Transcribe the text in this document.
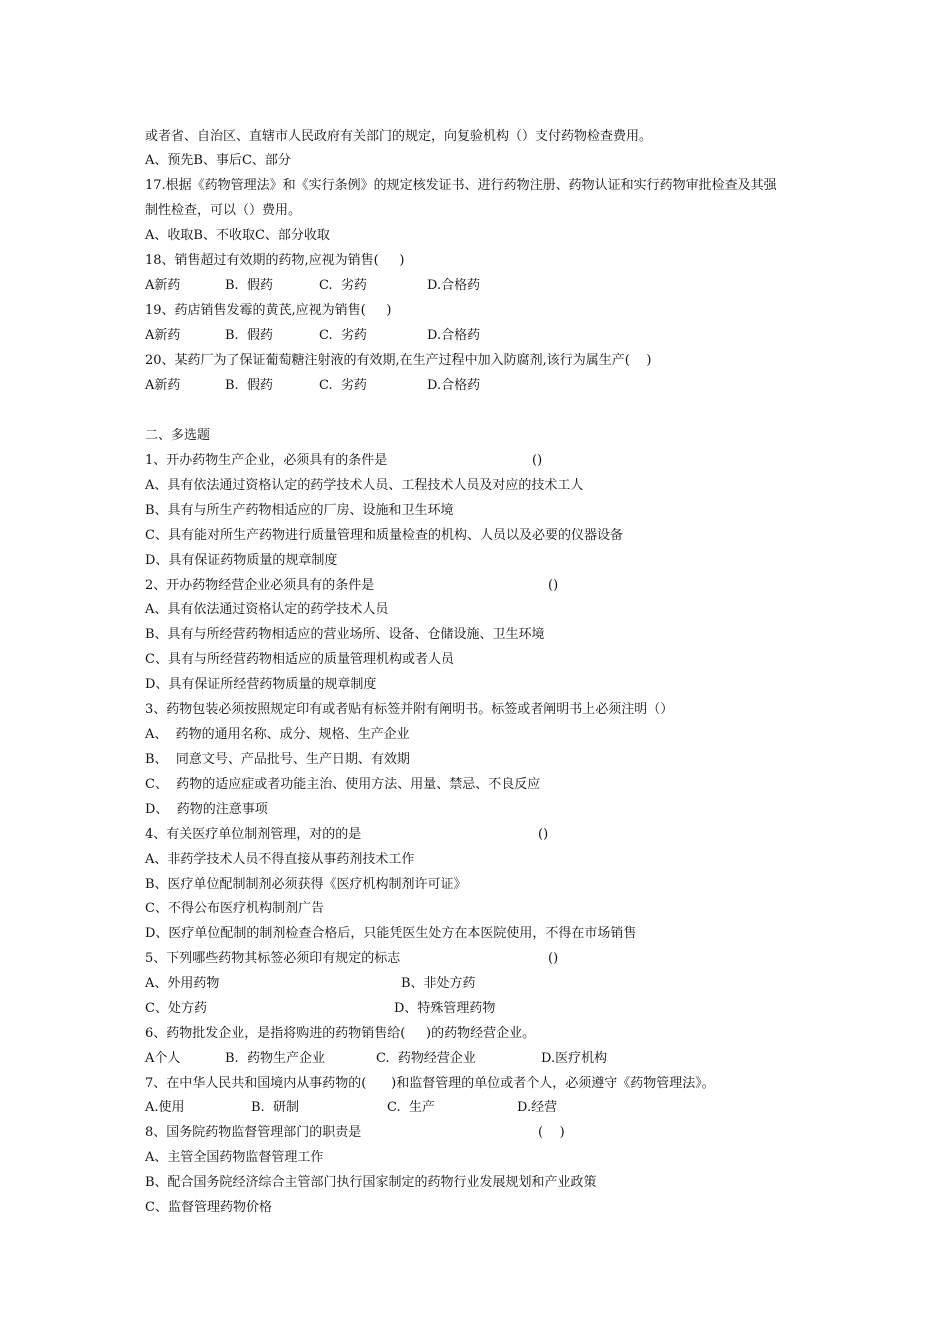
或者省、自治区、直辖市人民政府有关部门的规定，向复验机构（）支付药物检查费用。
A、预先B、事后C、部分
17.根据《药物管理法》和《实行条例》的规定核发证书、进行药物注册、药物认证和实行药物审批检查及其强
制性检查，可以（）费用。
A、收取B、不收取C、部分收取
18、销售超过有效期的药物,应视为销售(     )

A新药

	B.  假药

	C.  劣药

	D.合格药

19、药店销售发霉的黄芪,应视为销售(     )

A新药

	B.  假药

	C.  劣药

	D.合格药

20、某药厂为了保证葡萄糖注射液的有效期,在生产过程中加入防腐剂,该行为属生产(    )

A新药

	B.  假药

	C.  劣药

	D.合格药

二、多选题

1、开办药物生产企业，必须具有的条件是

	()

A、具有依法通过资格认定的药学技术人员、工程技术人员及对应的技术工人
B、具有与所生产药物相适应的厂房、设施和卫生环境
C、具有能对所生产药物进行质量管理和质量检查的机构、人员以及必要的仪器设备
D、具有保证药物质量的规章制度

2、开办药物经营企业必须具有的条件是

	()

A、具有依法通过资格认定的药学技术人员
B、具有与所经营药物相适应的营业场所、设备、仓储设施、卫生环境
C、具有与所经营药物相适应的质量管理机构或者人员
D、具有保证所经营药物质量的规章制度
3、药物包装必须按照规定印有或者贴有标签并附有阐明书。标签或者阐明书上必须注明（）
A、  药物的通用名称、成分、规格、生产企业
B、  同意文号、产品批号、生产日期、有效期
C、  药物的适应症或者功能主治、使用方法、用量、禁忌、不良反应
D、  药物的注意事项

4、有关医疗单位制剂管理，对的的是

	()

A、非药学技术人员不得直接从事药剂技术工作
B、医疗单位配制制剂必须获得《医疗机构制剂许可证》
C、不得公布医疗机构制剂广告
D、医疗单位配制的制剂检查合格后，只能凭医生处方在本医院使用，不得在市场销售

5、下列哪些药物其标签必须印有规定的标志

	()

A、外用药物

	B、非处方药

C、处方药

	D、特殊管理药物

6、药物批发企业，是指将购进的药物销售给(     )的药物经营企业。

A个人

	B.  药物生产企业

	C.  药物经营企业

	D.医疗机构

7、在中华人民共和国境内从事药物的(      )和监督管理的单位或者个人，必须遵守《药物管理法》。

A.使用

	B.  研制

	C.  生产

	D.经营

8、国务院药物监督管理部门的职责是

	(    )

A、主管全国药物监督管理工作
B、配合国务院经济综合主管部门执行国家制定的药物行业发展规划和产业政策
C、监督管理药物价格
